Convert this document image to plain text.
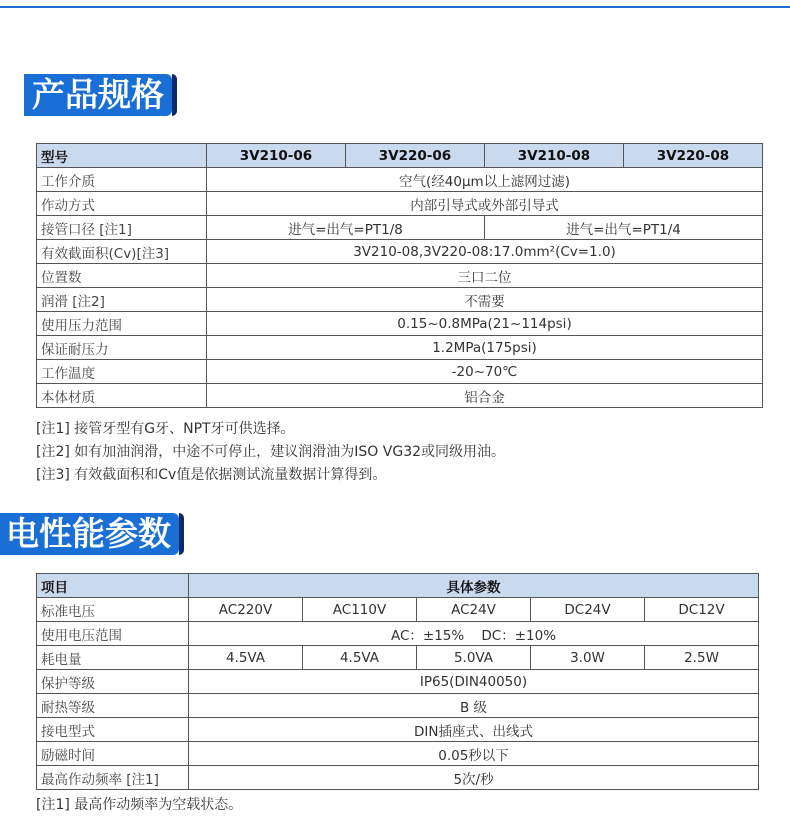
产品规格
型号	3V210-06	3V220-06	3V210-08	3V220-08
工作介质	空气(经40μm以上滤网过滤)			
作动方式	内部引导式或外部引导式			
接管口径 [注1]	进气=出气=PT1/8		进气=出气=PT1/4	
有效截面积(Cv)[注3]	3V210-08,3V220-08:17.0mm²(Cv=1.0)			
位置数	三口二位			
润滑 [注2]	不需要			
使用压力范围	0.15~0.8MPa(21~114psi)			
保证耐压力	1.2MPa(175psi)			
工作温度	-20~70℃			
本体材质	铝合金			
[注1] 接管牙型有G牙、NPT牙可供选择。
[注2] 如有加油润滑，中途不可停止，建议润滑油为ISO VG32或同级用油。
[注3] 有效截面积和Cv值是依据测试流量数据计算得到。
电性能参数
项目	具体参数				
标准电压	AC220V	AC110V	AC24V	DC24V	DC12V
使用电压范围	AC：±15%    DC：±10%				
耗电量	4.5VA	4.5VA	5.0VA	3.0W	2.5W
保护等级	IP65(DIN40050)				
耐热等级	B 级				
接电型式	DIN插座式、出线式				
励磁时间	0.05秒以下				
最高作动频率 [注1]	5次/秒				
[注1] 最高作动频率为空载状态。
